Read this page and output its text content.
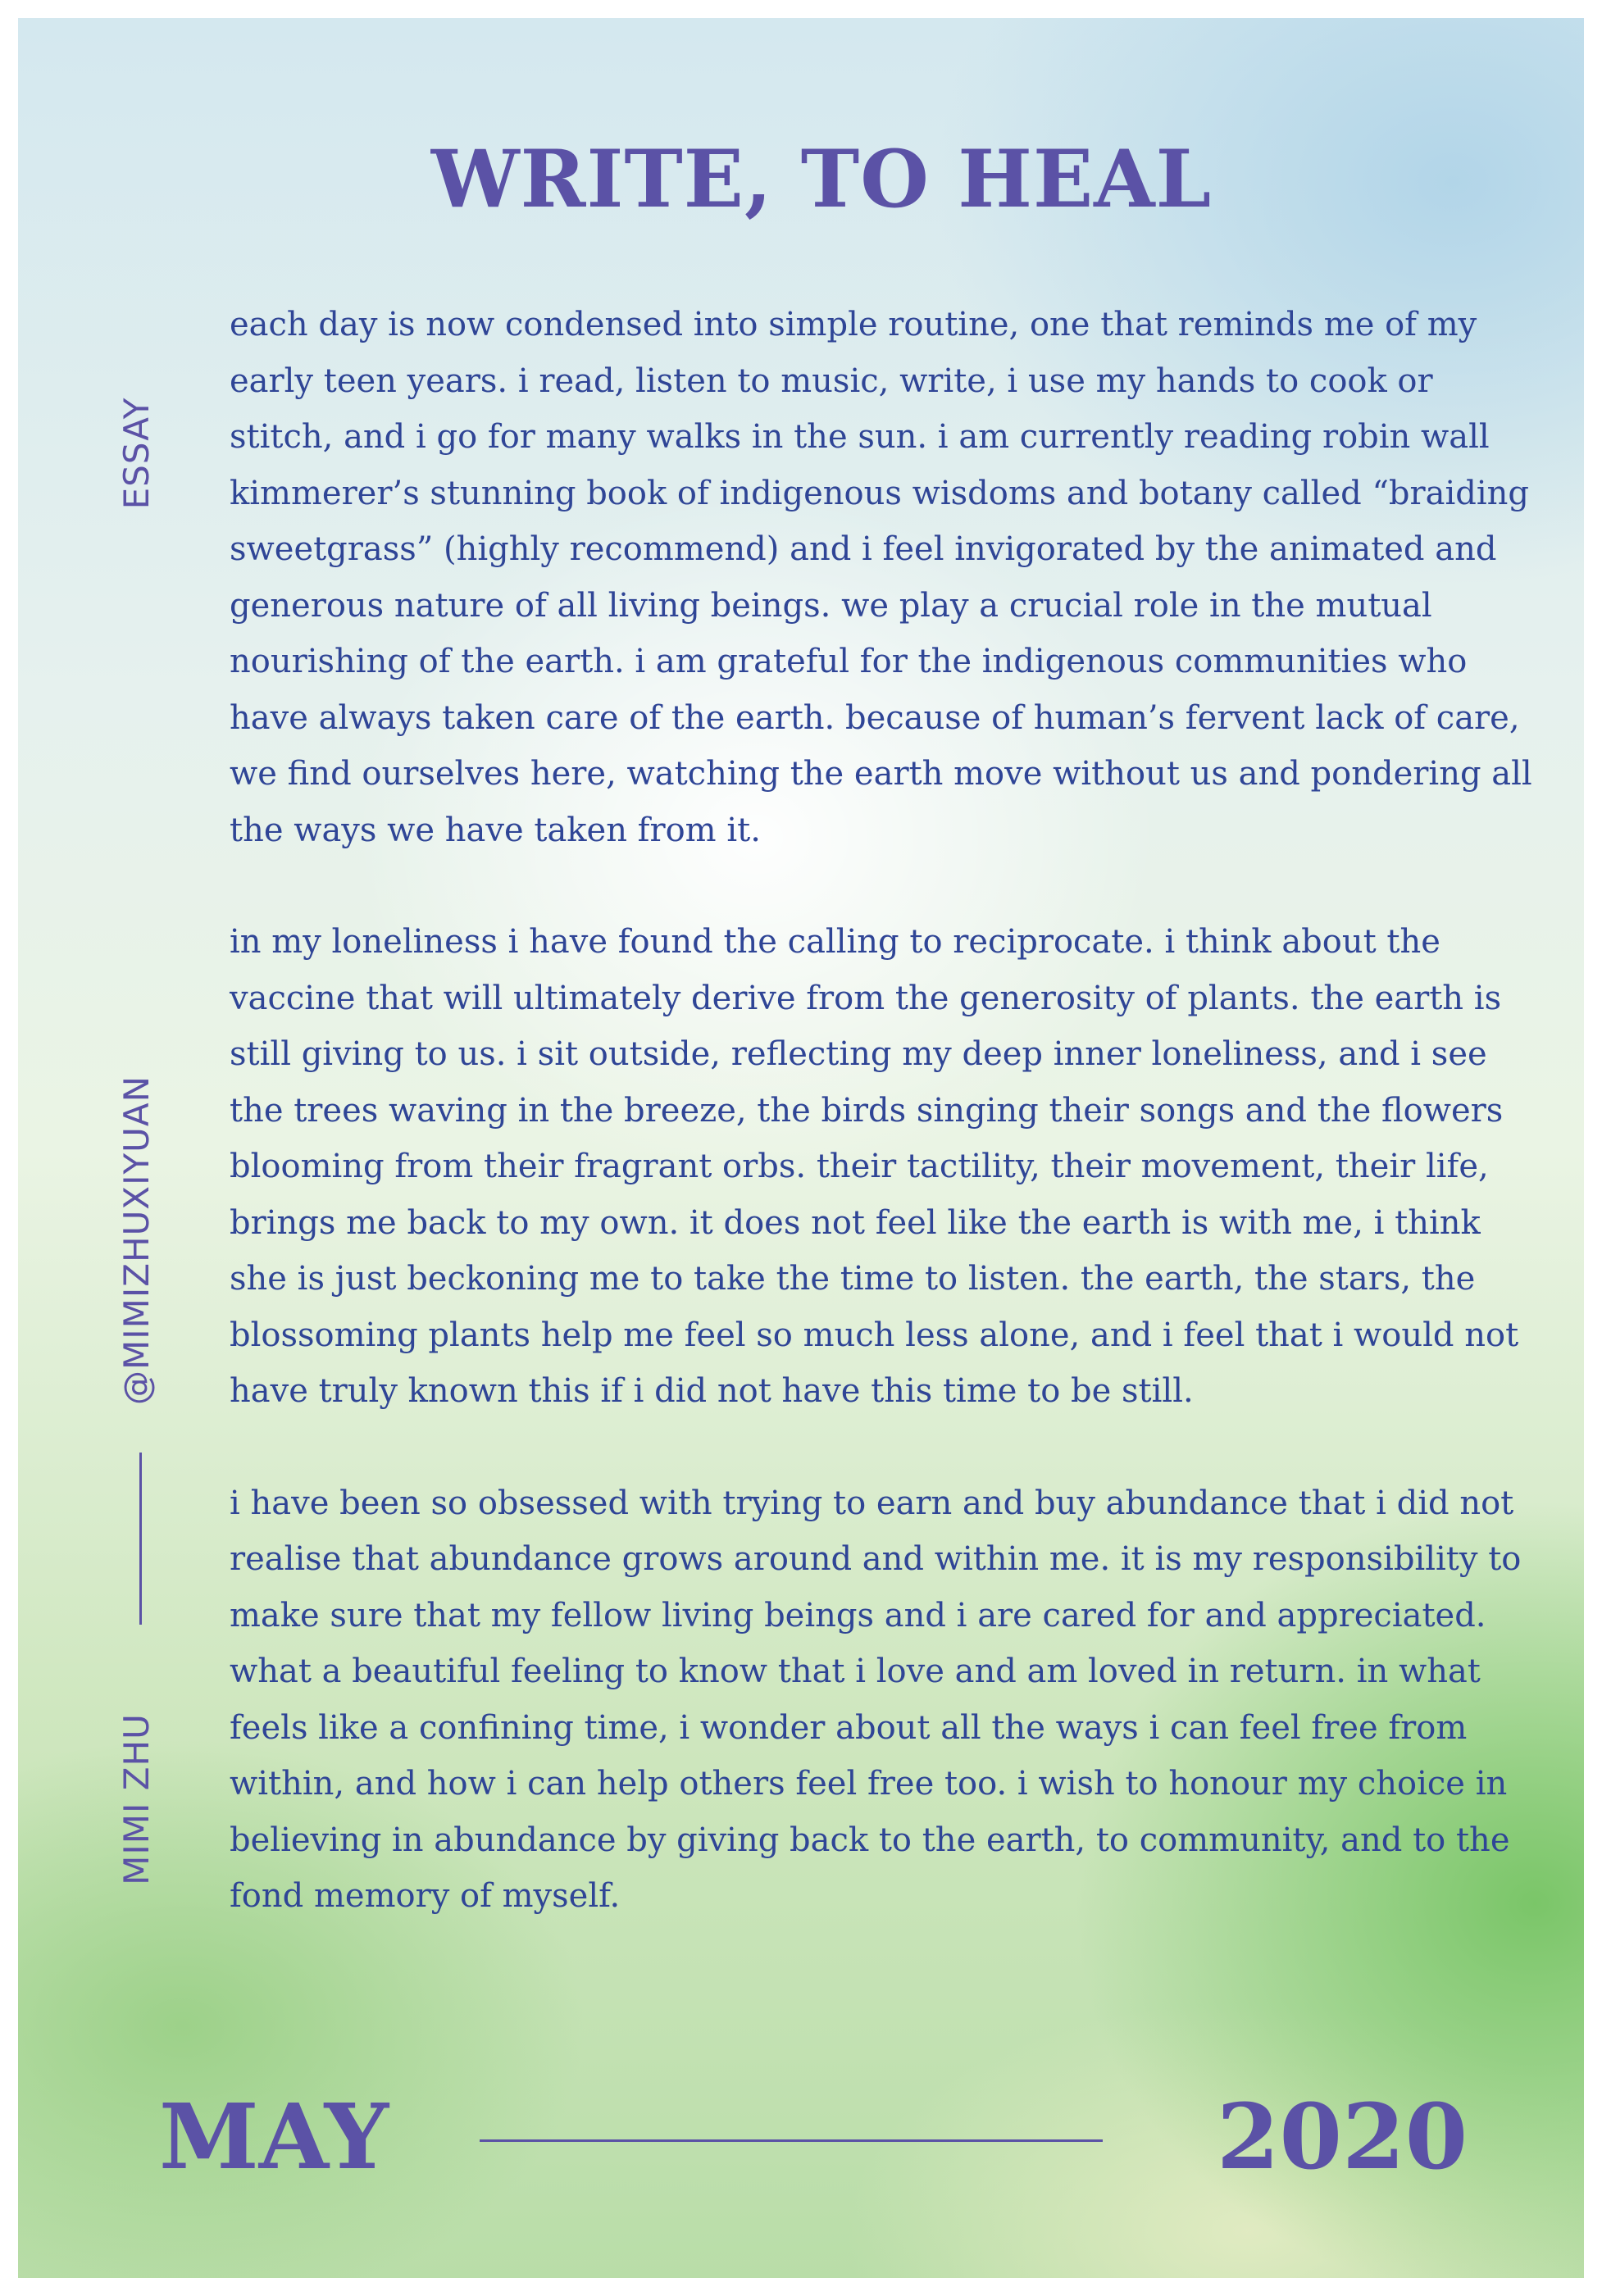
WRITE, TO HEAL
ESSAY
@MIMIZHUXIYUAN
MIMI ZHU

each day is now condensed into simple routine, one that reminds me of my early teen years. i read, listen to music, write, i use my hands to cook or stitch, and i go for many walks in the sun. i am currently reading robin wall kimmerer’s stunning book of indigenous wisdoms and botany called “braiding sweetgrass” (highly recommend) and i feel invigorated by the animated and generous nature of all living beings. we play a crucial role in the mutual nourishing of the earth. i am grateful for the indigenous communities who have always taken care of the earth. because of human’s fervent lack of care, we find ourselves here, watching the earth move without us and pondering all the ways we have taken from it.

in my loneliness i have found the calling to reciprocate. i think about the vaccine that will ultimately derive from the generosity of plants. the earth is still giving to us. i sit outside, reflecting my deep inner loneliness, and i see the trees waving in the breeze, the birds singing their songs and the flowers blooming from their fragrant orbs. their tactility, their movement, their life, brings me back to my own. it does not feel like the earth is with me, i think she is just beckoning me to take the time to listen. the earth, the stars, the blossoming plants help me feel so much less alone, and i feel that i would not have truly known this if i did not have this time to be still.

i have been so obsessed with trying to earn and buy abundance that i did not realise that abundance grows around and within me. it is my responsibility to make sure that my fellow living beings and i are cared for and appreciated. what a beautiful feeling to know that i love and am loved in return. in what feels like a confining time, i wonder about all the ways i can feel free from within, and how i can help others feel free too. i wish to honour my choice in believing in abundance by giving back to the earth, to community, and to the fond memory of myself.

MAY	2020
